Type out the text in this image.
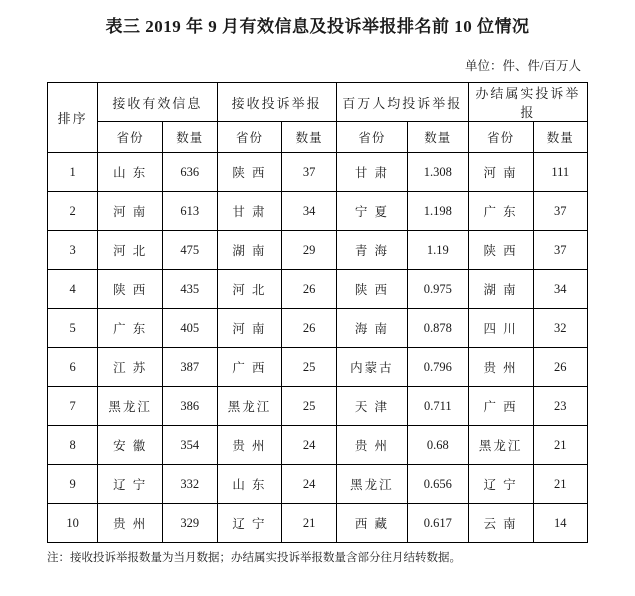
表三 2019 年 9 月有效信息及投诉举报排名前 10 位情况
单位：件、件/百万人
排序	接收有效信息		接收投诉举报		百万人均投诉举报		办结属实投诉举报	
	省份	数量	省份	数量	省份	数量	省份	数量
1	山 东	636	陕 西	37	甘 肃	1.308	河 南	111
2	河 南	613	甘 肃	34	宁 夏	1.198	广 东	37
3	河 北	475	湖 南	29	青 海	1.19	陕 西	37
4	陕 西	435	河 北	26	陕 西	0.975	湖 南	34
5	广 东	405	河 南	26	海 南	0.878	四 川	32
6	江 苏	387	广 西	25	内蒙古	0.796	贵 州	26
7	黑龙江	386	黑龙江	25	天 津	0.711	广 西	23
8	安 徽	354	贵 州	24	贵 州	0.68	黑龙江	21
9	辽 宁	332	山 东	24	黑龙江	0.656	辽 宁	21
10	贵 州	329	辽 宁	21	西 藏	0.617	云 南	14
注：接收投诉举报数量为当月数据；办结属实投诉举报数量含部分往月结转数据。
